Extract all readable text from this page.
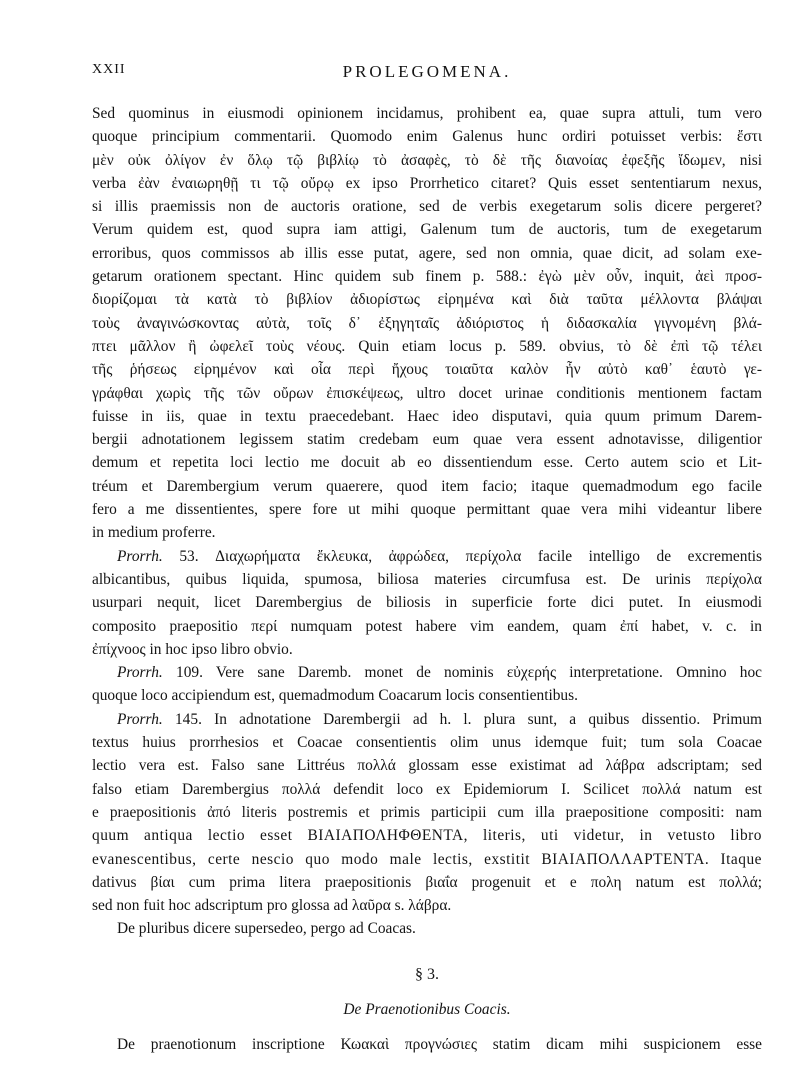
XXII	PROLEGOMENA.

Sed quominus in eiusmodi opinionem incidamus, prohibent ea, quae supra attuli, tum vero
quoque principium commentarii. Quomodo enim Galenus hunc ordiri potuisset verbis: ἔστι
μὲν οὐκ ὀλίγον ἐν ὅλῳ τῷ βιβλίῳ τὸ ἀσαφὲς, τὸ δὲ τῆς διανοίας ἐφεξῆς ἴδωμεν, nisi
verba ἐὰν ἐναιωρηθῇ τι τῷ οὔρῳ ex ipso Prorrhetico citaret? Quis esset sententiarum nexus,
si illis praemissis non de auctoris oratione, sed de verbis exegetarum solis dicere pergeret?
Verum quidem est, quod supra iam attigi, Galenum tum de auctoris, tum de exegetarum
erroribus, quos commissos ab illis esse putat, agere, sed non omnia, quae dicit, ad solam exe-
getarum orationem spectant. Hinc quidem sub finem p. 588.: ἐγὼ μὲν οὖν, inquit, ἀεὶ προσ-
διορίζομαι τὰ κατὰ τὸ βιβλίον ἀδιορίστως εἰρημένα καὶ διὰ ταῦτα μέλλοντα βλάψαι
τοὺς ἀναγινώσκοντας αὐτὰ, τοῖς δ᾽ ἐξηγηταῖς ἀδιόριστος ἡ διδασκαλία γιγνομένη βλά-
πτει μᾶλλον ἢ ὠφελεῖ τοὺς νέους. Quin etiam locus p. 589. obvius, τὸ δὲ ἐπὶ τῷ τέλει
τῆς ῥήσεως εἰρημένον καὶ οἷα περὶ ἤχους τοιαῦτα καλὸν ἦν αὐτὸ καθ᾽ ἑαυτὸ γε-
γράφθαι χωρὶς τῆς τῶν οὔρων ἐπισκέψεως, ultro docet urinae conditionis mentionem factam
fuisse in iis, quae in textu praecedebant. Haec ideo disputavi, quia quum primum Darem-
bergii adnotationem legissem statim credebam eum quae vera essent adnotavisse, diligentior
demum et repetita loci lectio me docuit ab eo dissentiendum esse. Certo autem scio et Lit-
tréum et Darembergium verum quaerere, quod item facio; itaque quemadmodum ego facile
fero a me dissentientes, spere fore ut mihi quoque permittant quae vera mihi videantur libere
in medium proferre.

Prorrh. 53. Διαχωρήματα ἔκλευκα, ἀφρώδεα, περίχολα facile intelligo de excrementis
albicantibus, quibus liquida, spumosa, biliosa materies circumfusa est. De urinis περίχολα
usurpari nequit, licet Darembergius de biliosis in superficie forte dici putet. In eiusmodi
composito praepositio περί numquam potest habere vim eandem, quam ἐπί habet, v. c. in
ἐπίχνοος in hoc ipso libro obvio.

Prorrh. 109. Vere sane Daremb. monet de nominis εὐχερής interpretatione. Omnino hoc
quoque loco accipiendum est, quemadmodum Coacarum locis consentientibus.

Prorrh. 145. In adnotatione Darembergii ad h. l. plura sunt, a quibus dissentio. Primum
textus huius prorrhesios et Coacae consentientis olim unus idemque fuit; tum sola Coacae
lectio vera est. Falso sane Littréus πολλά glossam esse existimat ad λάβρα adscriptam; sed
falso etiam Darembergius πολλά defendit loco ex Epidemiorum I. Scilicet πολλά natum est
e praepositionis ἀπό literis postremis et primis participii cum illa praepositione compositi: nam
quum antiqua lectio esset ΒΙΑΙΑΠΟΛΗΦΘΕΝΤΑ, literis, uti videtur, in vetusto libro
evanescentibus, certe nescio quo modo male lectis, exstitit ΒΙΑΙΑΠΟΛΛΑΡΤΕΝΤΑ. Itaque
dativus βίαι cum prima litera praepositionis βιαΐα progenuit et e πολη natum est πολλά;
sed non fuit hoc adscriptum pro glossa ad λαῦρα s. λάβρα.

De pluribus dicere supersedeo, pergo ad Coacas.

§ 3.
De Praenotionibus Coacis.

De praenotionum inscriptione Κωακαὶ προγνώσιες statim dicam mihi suspicionem esse
